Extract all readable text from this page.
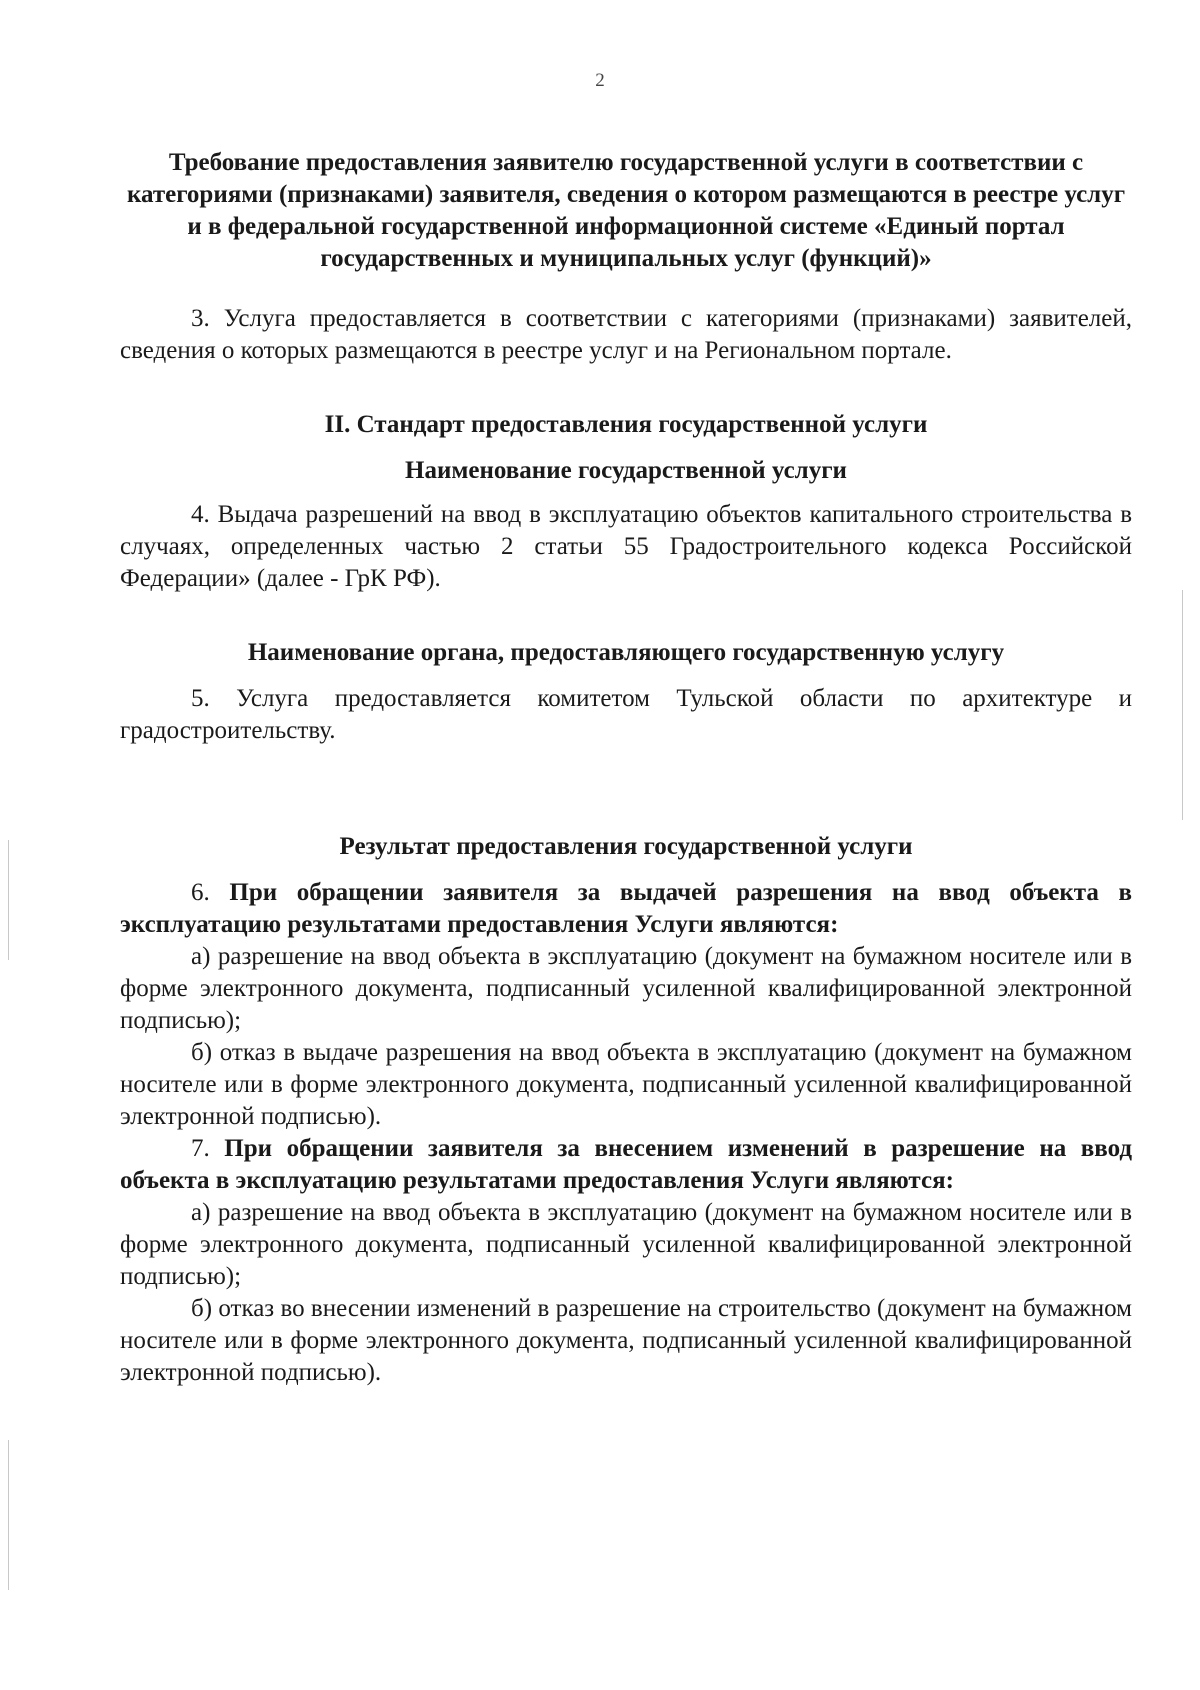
2

Требование предоставления заявителю государственной услуги в соответствии с категориями (признаками) заявителя, сведения о котором размещаются в реестре услуг и в федеральной государственной информационной системе «Единый портал государственных и муниципальных услуг (функций)»

3. Услуга предоставляется в соответствии с категориями (признаками) заявителей, сведения о которых размещаются в реестре услуг и на Региональном портале.

II. Стандарт предоставления государственной услуги

Наименование государственной услуги

4. Выдача разрешений на ввод в эксплуатацию объектов капитального строительства в случаях, определенных частью 2 статьи 55 Градостроительного кодекса Российской Федерации» (далее - ГрК РФ).

Наименование органа, предоставляющего государственную услугу

5. Услуга предоставляется комитетом Тульской области по архитектуре и градостроительству.

Результат предоставления государственной услуги

6. При обращении заявителя за выдачей разрешения на ввод объекта в эксплуатацию результатами предоставления Услуги являются:

а) разрешение на ввод объекта в эксплуатацию (документ на бумажном носителе или в форме электронного документа, подписанный усиленной квалифицированной электронной подписью);

б) отказ в выдаче разрешения на ввод объекта в эксплуатацию (документ на бумажном носителе или в форме электронного документа, подписанный усиленной квалифицированной электронной подписью).

7. При обращении заявителя за внесением изменений в разрешение на ввод объекта в эксплуатацию результатами предоставления Услуги являются:

а) разрешение на ввод объекта в эксплуатацию (документ на бумажном носителе или в форме электронного документа, подписанный усиленной квалифицированной электронной подписью);

б) отказ во внесении изменений в разрешение на строительство (документ на бумажном носителе или в форме электронного документа, подписанный усиленной квалифицированной электронной подписью).
